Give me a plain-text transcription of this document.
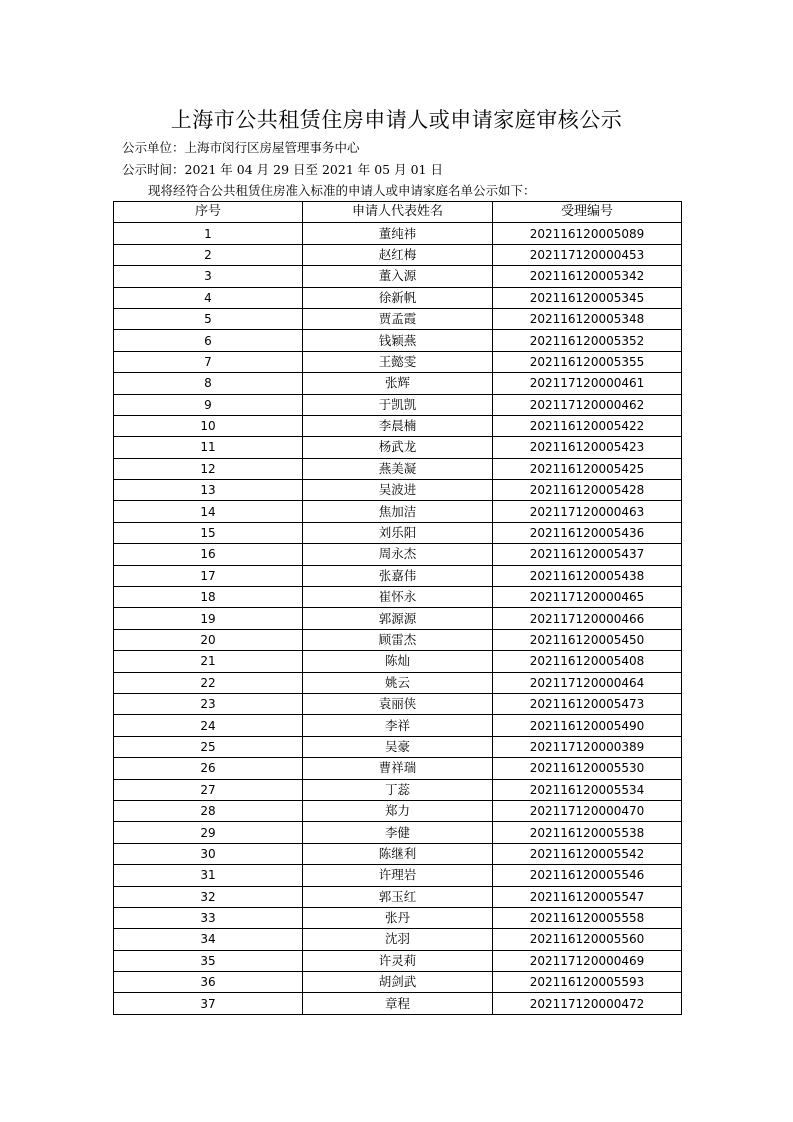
上海市公共租赁住房申请人或申请家庭审核公示
公示单位：上海市闵行区房屋管理事务中心
公示时间：2021 年 04 月 29 日至 2021 年 05 月 01 日
现将经符合公共租赁住房准入标准的申请人或申请家庭名单公示如下：
序号	申请人代表姓名	受理编号
1	董纯祎	202116120005089
2	赵红梅	202117120000453
3	董入源	202116120005342
4	徐新帆	202116120005345
5	贾孟霞	202116120005348
6	钱颖燕	202116120005352
7	王懿雯	202116120005355
8	张辉	202117120000461
9	于凯凯	202117120000462
10	李晨楠	202116120005422
11	杨武龙	202116120005423
12	燕美凝	202116120005425
13	吴波进	202116120005428
14	焦加洁	202117120000463
15	刘乐阳	202116120005436
16	周永杰	202116120005437
17	张嘉伟	202116120005438
18	崔怀永	202117120000465
19	郭源源	202117120000466
20	顾雷杰	202116120005450
21	陈灿	202116120005408
22	姚云	202117120000464
23	袁丽侠	202116120005473
24	李祥	202116120005490
25	吴豪	202117120000389
26	曹祥瑞	202116120005530
27	丁蕊	202116120005534
28	郑力	202117120000470
29	李健	202116120005538
30	陈继利	202116120005542
31	许理岩	202116120005546
32	郭玉红	202116120005547
33	张丹	202116120005558
34	沈羽	202116120005560
35	许灵莉	202117120000469
36	胡剑武	202116120005593
37	章程	202117120000472
